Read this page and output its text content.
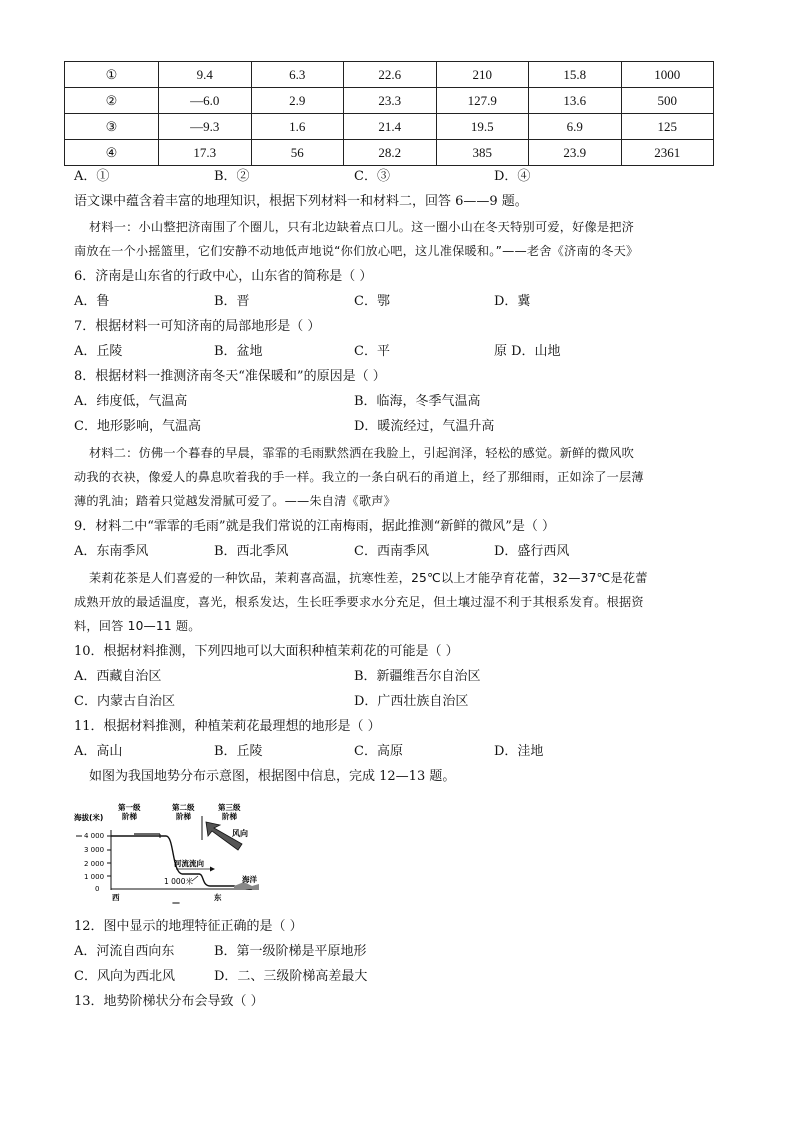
①	9.4	6.3	22.6	210	15.8	1000
②	—6.0	2.9	23.3	127.9	13.6	500
③	—9.3	1.6	21.4	19.5	6.9	125
④	17.3	56	28.2	385	23.9	2361
A．①	B．②	C．③	D．④
语文课中蕴含着丰富的地理知识，根据下列材料一和材料二，回答 6——9 题。
材料一：小山整把济南围了个圈儿，只有北边缺着点口儿。这一圈小山在冬天特别可爱，好像是把济
南放在一个小摇篮里，它们安静不动地低声地说“你们放心吧，这儿准保暖和。”——老舍《济南的冬天》
6．济南是山东省的行政中心，山东省的简称是（ ）
A．鲁	B．晋	C．鄂	D．冀
7．根据材料一可知济南的局部地形是（ ）
A．丘陵	B．盆地	C．平	原 D．山地
8．根据材料一推测济南冬天“准保暖和”的原因是（ ）
A．纬度低，气温高	B．临海，冬季气温高
C．地形影响，气温高	D．暖流经过，气温升高
材料二：仿佛一个暮春的早晨，霏霏的毛雨默然洒在我脸上，引起润泽，轻松的感觉。新鲜的微风吹
动我的衣袂，像爱人的鼻息吹着我的手一样。我立的一条白矾石的甬道上，经了那细雨，正如涂了一层薄
薄的乳油；踏着只觉越发滑腻可爱了。——朱自清《歌声》
9．材料二中“霏霏的毛雨”就是我们常说的江南梅雨，据此推测“新鲜的微风”是（ ）
A．东南季风	B．西北季风	C．西南季风	D．盛行西风
茉莉花茶是人们喜爱的一种饮品，茉莉喜高温，抗寒性差，25℃以上才能孕育花蕾，32—37℃是花蕾
成熟开放的最适温度，喜光，根系发达，生长旺季要求水分充足，但土壤过湿不利于其根系发育。根据资
料，回答 10—11 题。
10．根据材料推测，下列四地可以大面积种植茉莉花的可能是（ ）
A．西藏自治区	B．新疆维吾尔自治区
C．内蒙古自治区	D．广西壮族自治区
11．根据材料推测，种植茉莉花最理想的地形是（ ）
A．高山	B．丘陵	C．高原	D．洼地
如图为我国地势分布示意图，根据图中信息，完成 12—13 题。
海拔(米)
第一级
阶梯
第二级
阶梯
第三级
阶梯
4 000
3 000
2 000
1 000
0
风向
河流流向
1 000米	海洋
西
—
东
12．图中显示的地理特征正确的是（ ）
A．河流自西向东	B．第一级阶梯是平原地形
C．风向为西北风	D．二、三级阶梯高差最大
13．地势阶梯状分布会导致（ ）
